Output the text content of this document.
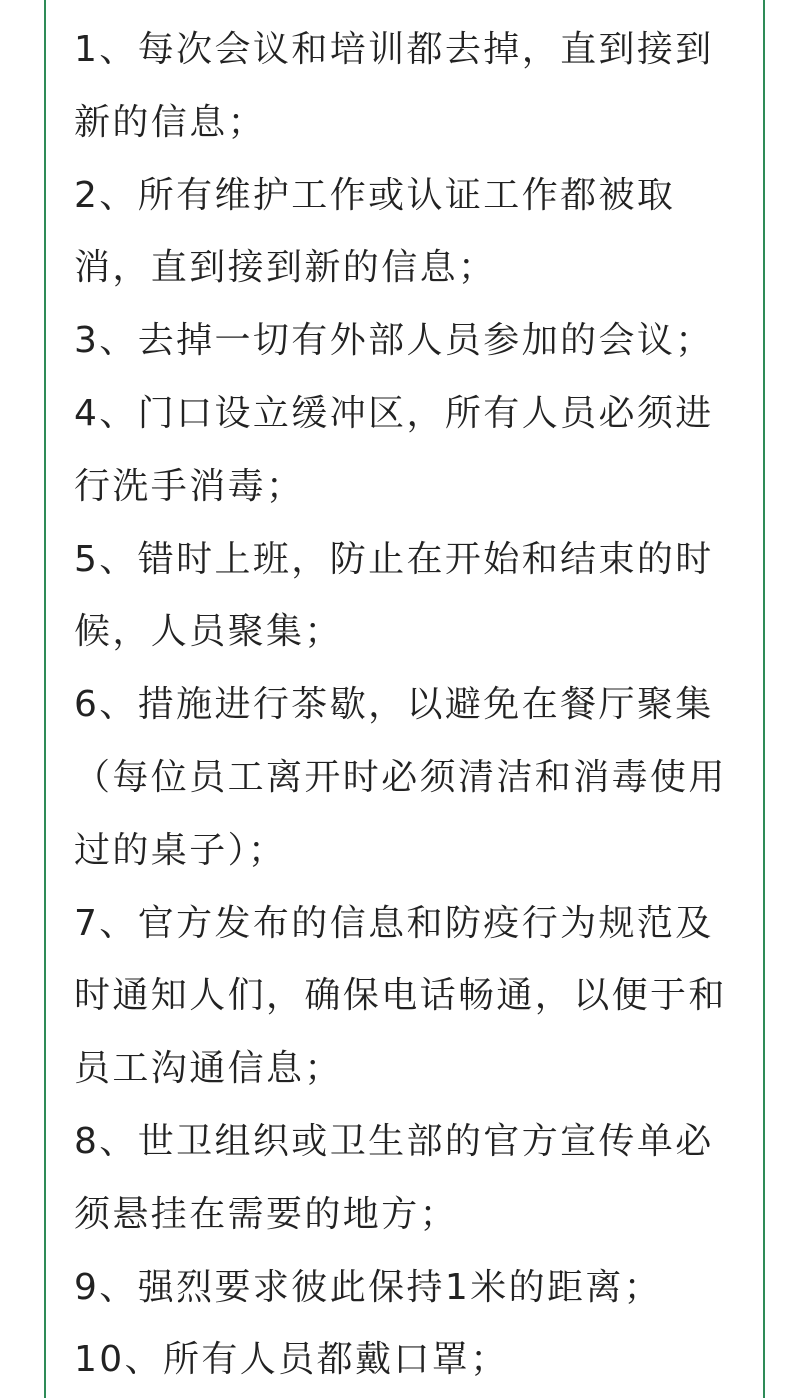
1、每次会议和培训都去掉，直到接到新的信息；

2、所有维护工作或认证工作都被取消，直到接到新的信息；

3、去掉一切有外部人员参加的会议；

4、门口设立缓冲区，所有人员必须进行洗手消毒；

5、错时上班，防止在开始和结束的时候，人员聚集；

6、措施进行茶歇，以避免在餐厅聚集（每位员工离开时必须清洁和消毒使用过的桌子）；

7、官方发布的信息和防疫行为规范及时通知人们，确保电话畅通，以便于和员工沟通信息；

8、世卫组织或卫生部的官方宣传单必须悬挂在需要的地方；

9、强烈要求彼此保持1米的距离；

10、所有人员都戴口罩；
